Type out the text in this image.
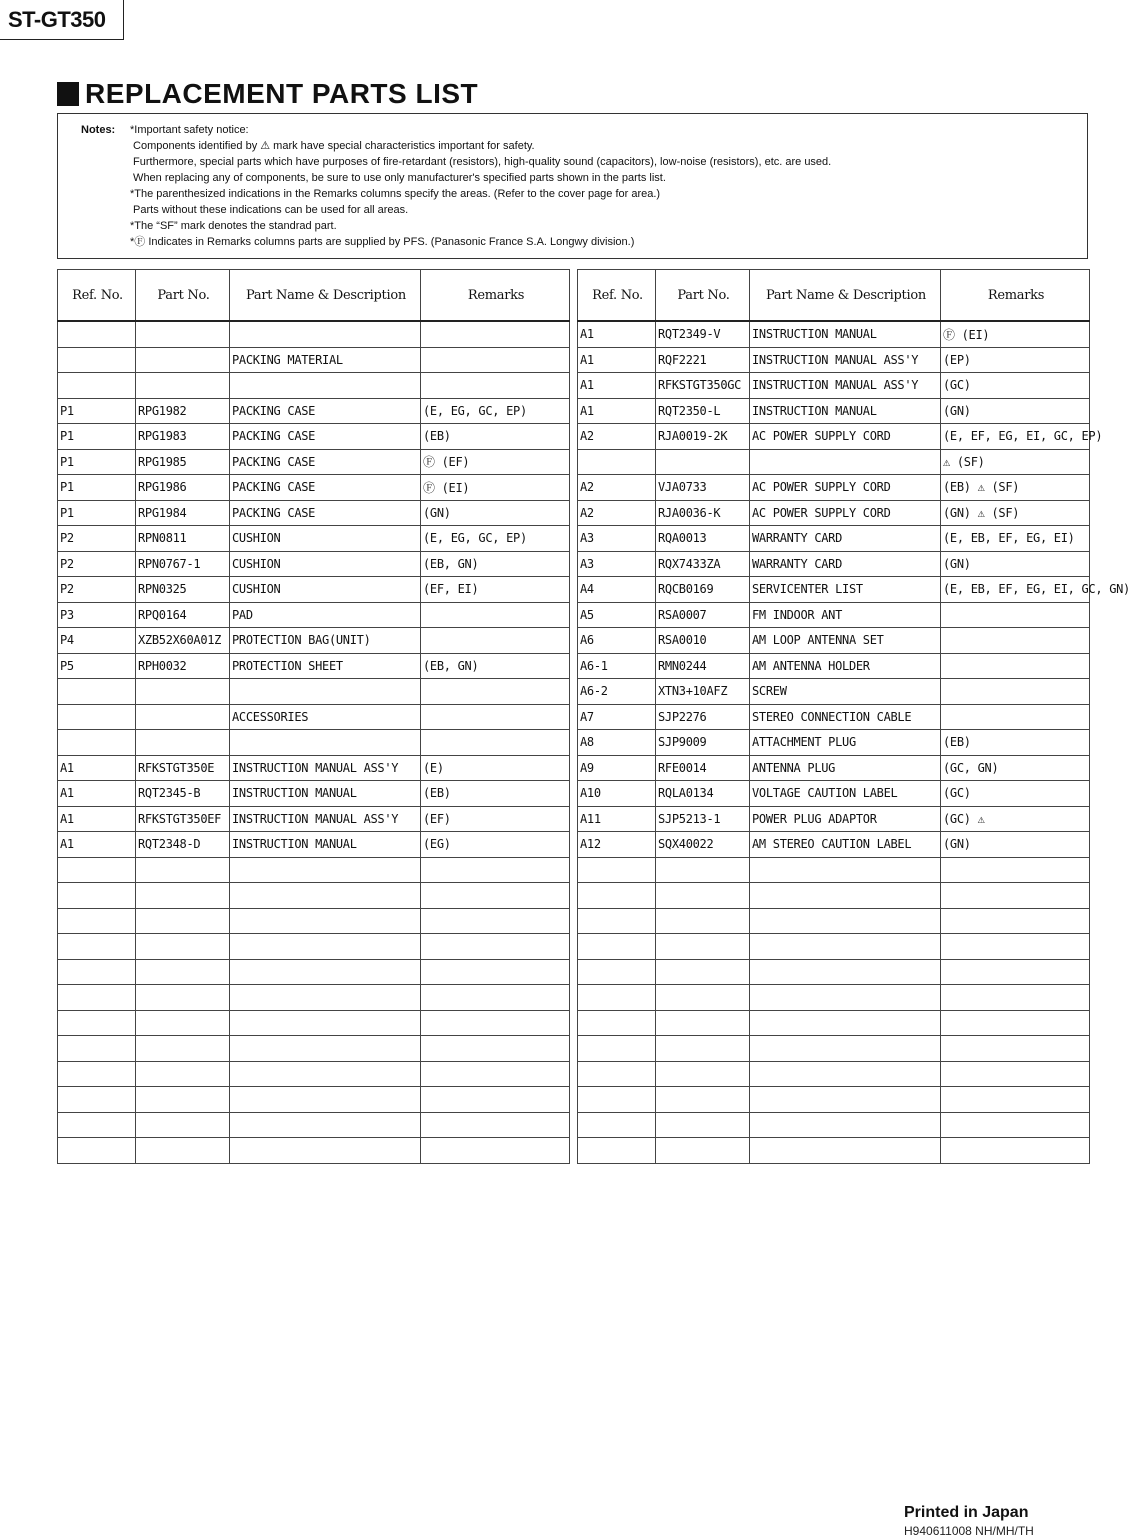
ST-GT350
REPLACEMENT PARTS LIST
Notes: *Important safety notice:
Components identified by ⚠ mark have special characteristics important for safety.
Furthermore, special parts which have purposes of fire-retardant (resistors), high-quality sound (capacitors), low-noise (resistors), etc. are used.
When replacing any of components, be sure to use only manufacturer's specified parts shown in the parts list.
*The parenthesized indications in the Remarks columns specify the areas. (Refer to the cover page for area.)
Parts without these indications can be used for all areas.
*The “SF” mark denotes the standrad part.
*Ⓕ Indicates in Remarks columns parts are supplied by PFS. (Panasonic France S.A. Longwy division.)
Ref. No.	Part No.	Part Name & Description	Remarks

		PACKING MATERIAL	

P1	RPG1982	PACKING CASE	(E, EG, GC, EP)
P1	RPG1983	PACKING CASE	(EB)
P1	RPG1985	PACKING CASE	Ⓕ (EF)
P1	RPG1986	PACKING CASE	Ⓕ (EI)
P1	RPG1984	PACKING CASE	(GN)
P2	RPN0811	CUSHION	(E, EG, GC, EP)
P2	RPN0767-1	CUSHION	(EB, GN)
P2	RPN0325	CUSHION	(EF, EI)
P3	RPQ0164	PAD	
P4	XZB52X60A01Z	PROTECTION BAG(UNIT)	
P5	RPH0032	PROTECTION SHEET	(EB, GN)

		ACCESSORIES	

A1	RFKSTGT350E	INSTRUCTION MANUAL ASS'Y	(E)
A1	RQT2345-B	INSTRUCTION MANUAL	(EB)
A1	RFKSTGT350EF	INSTRUCTION MANUAL ASS'Y	(EF)
A1	RQT2348-D	INSTRUCTION MANUAL	(EG)

Ref. No.	Part No.	Part Name & Description	Remarks
A1	RQT2349-V	INSTRUCTION MANUAL	Ⓕ (EI)
A1	RQF2221	INSTRUCTION MANUAL ASS'Y	(EP)
A1	RFKSTGT350GC	INSTRUCTION MANUAL ASS'Y	(GC)
A1	RQT2350-L	INSTRUCTION MANUAL	(GN)
A2	RJA0019-2K	AC POWER SUPPLY CORD	(E, EF, EG, EI, GC, EP)
			⚠ (SF)
A2	VJA0733	AC POWER SUPPLY CORD	(EB) ⚠ (SF)
A2	RJA0036-K	AC POWER SUPPLY CORD	(GN) ⚠ (SF)
A3	RQA0013	WARRANTY CARD	(E, EB, EF, EG, EI)
A3	RQX7433ZA	WARRANTY CARD	(GN)
A4	RQCB0169	SERVICENTER LIST	(E, EB, EF, EG, EI, GC, GN)
A5	RSA0007	FM INDOOR ANT	
A6	RSA0010	AM LOOP ANTENNA SET	
A6-1	RMN0244	AM ANTENNA HOLDER	
A6-2	XTN3+10AFZ	SCREW	
A7	SJP2276	STEREO CONNECTION CABLE	
A8	SJP9009	ATTACHMENT PLUG	(EB)
A9	RFE0014	ANTENNA PLUG	(GC, GN)
A10	RQLA0134	VOLTAGE CAUTION LABEL	(GC)
A11	SJP5213-1	POWER PLUG ADAPTOR	(GC) ⚠
A12	SQX40022	AM STEREO CAUTION LABEL	(GN)

Printed in Japan
H940611008 NH/MH/TH
